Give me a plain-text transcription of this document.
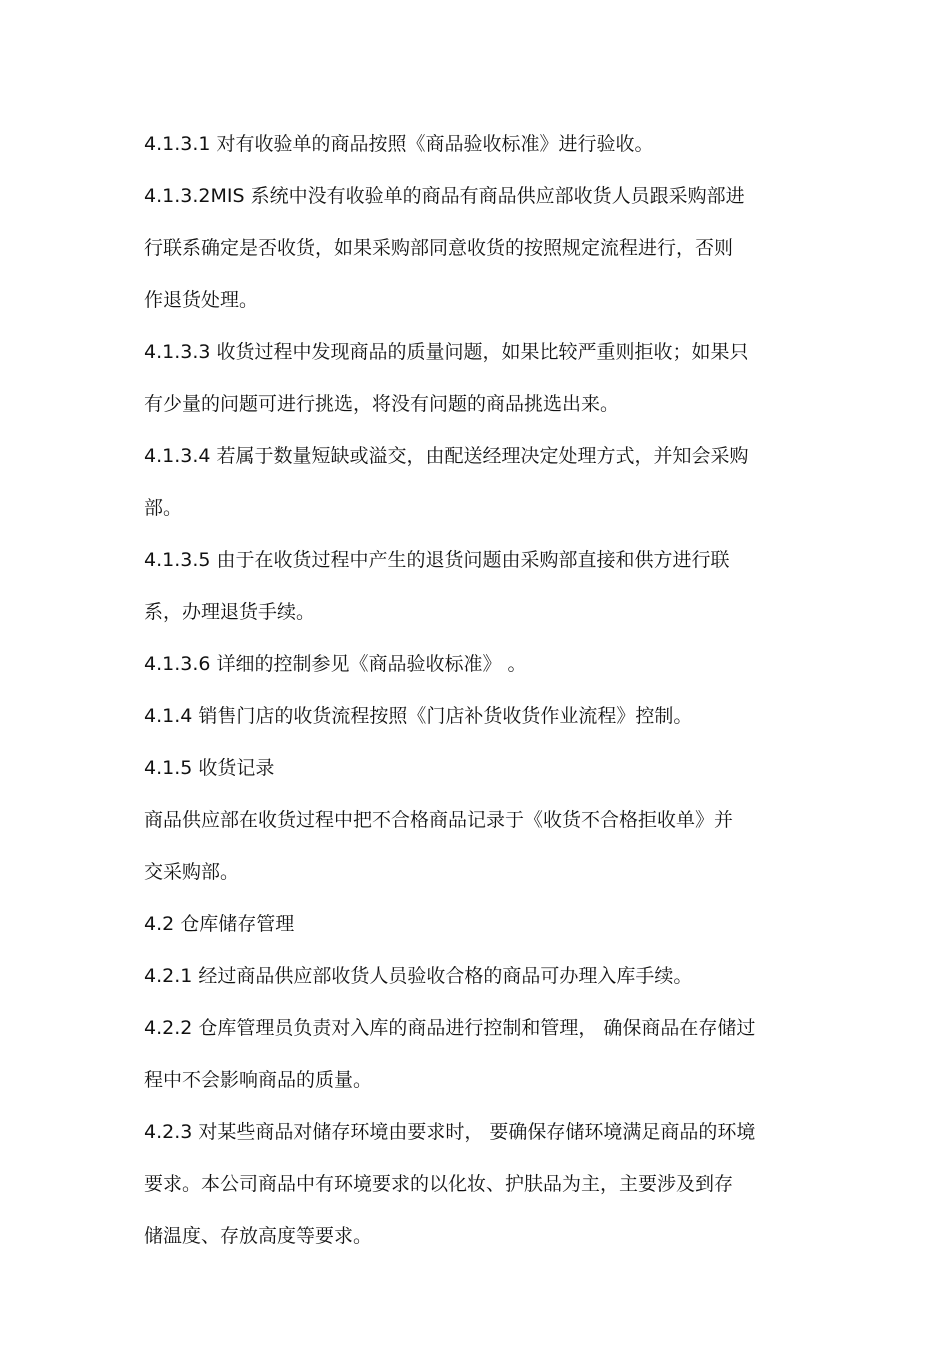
4.1.3.1 对有收验单的商品按照《商品验收标准》进行验收。
4.1.3.2MIS 系统中没有收验单的商品有商品供应部收货人员跟采购部进
行联系确定是否收货，如果采购部同意收货的按照规定流程进行，否则
作退货处理。
4.1.3.3 收货过程中发现商品的质量问题，如果比较严重则拒收；如果只
有少量的问题可进行挑选，将没有问题的商品挑选出来。
4.1.3.4 若属于数量短缺或溢交，由配送经理决定处理方式，并知会采购
部。
4.1.3.5 由于在收货过程中产生的退货问题由采购部直接和供方进行联
系，办理退货手续。
4.1.3.6 详细的控制参见《商品验收标准》 。
4.1.4 销售门店的收货流程按照《门店补货收货作业流程》控制。
4.1.5 收货记录
商品供应部在收货过程中把不合格商品记录于《收货不合格拒收单》并
交采购部。
4.2 仓库储存管理
4.2.1 经过商品供应部收货人员验收合格的商品可办理入库手续。
4.2.2 仓库管理员负责对入库的商品进行控制和管理， 确保商品在存储过
程中不会影响商品的质量。
4.2.3 对某些商品对储存环境由要求时， 要确保存储环境满足商品的环境
要求。本公司商品中有环境要求的以化妆、护肤品为主，主要涉及到存
储温度、存放高度等要求。
